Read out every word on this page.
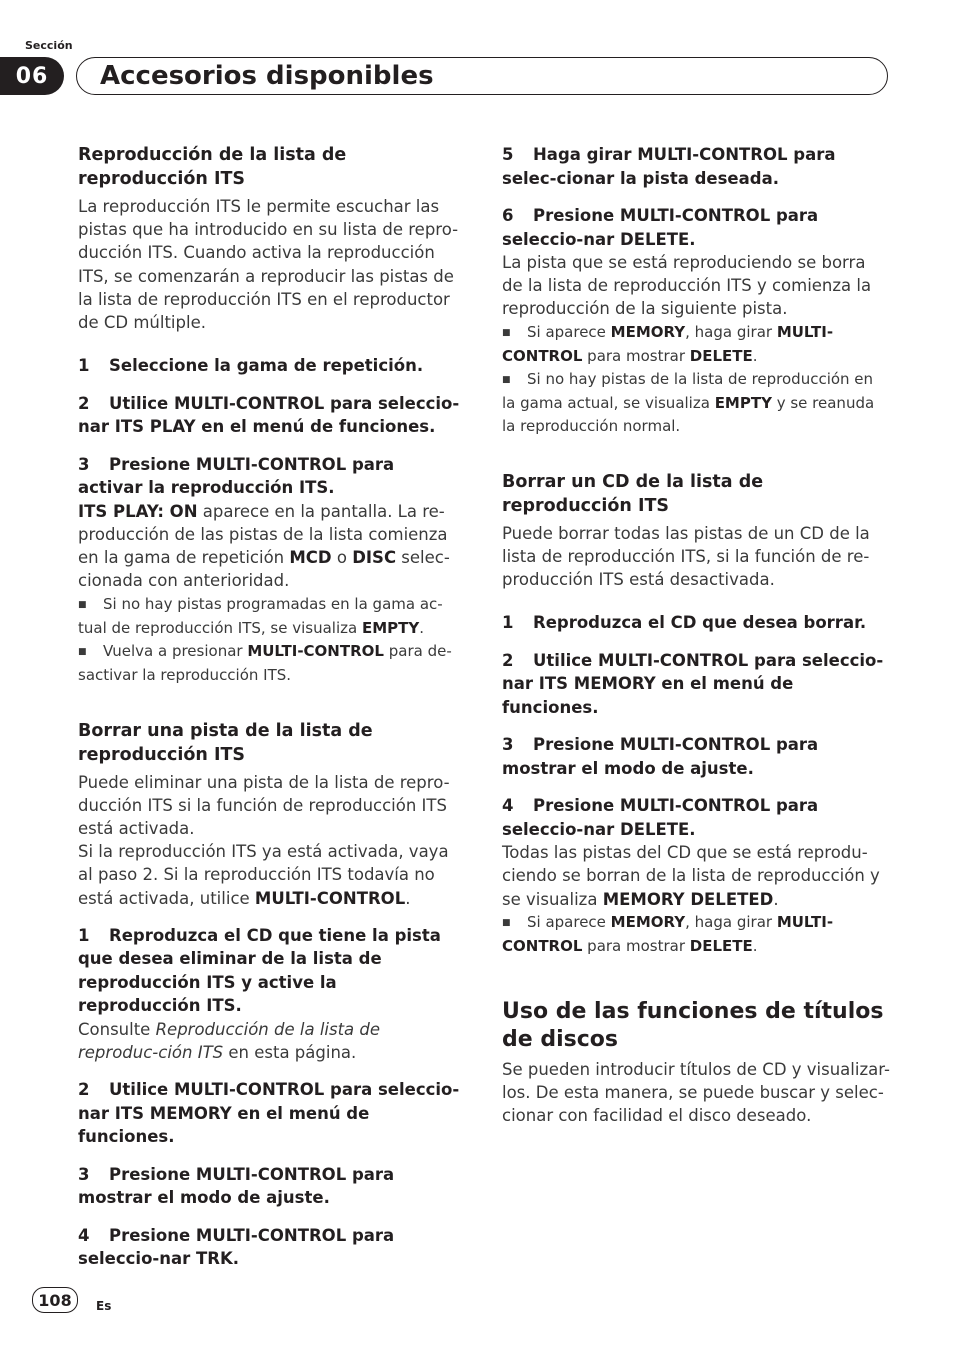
Sección
06	Accesorios disponibles
Reproducción de la lista de reproducción ITS

La reproducción ITS le permite escuchar las pistas que ha introducido en su lista de repro-ducción ITS. Cuando activa la reproducción ITS, se comenzarán a reproducir las pistas de la lista de reproducción ITS en el reproductor de CD múltiple.

1 Seleccione la gama de repetición.
2 Utilice MULTI-CONTROL para seleccio-nar ITS PLAY en el menú de funciones.
3 Presione MULTI-CONTROL para activar la reproducción ITS.

ITS PLAY: ON aparece en la pantalla. La re-producción de las pistas de la lista comienza en la gama de repetición MCD o DISC selec-cionada con anterioridad.

■ Si no hay pistas programadas en la gama ac-tual de reproducción ITS, se visualiza EMPTY.
■ Vuelva a presionar MULTI-CONTROL para de-sactivar la reproducción ITS.
Borrar una pista de la lista de reproducción ITS

Puede eliminar una pista de la lista de repro-ducción ITS si la función de reproducción ITS está activada.

Si la reproducción ITS ya está activada, vaya al paso 2. Si la reproducción ITS todavía no está activada, utilice MULTI-CONTROL.

1 Reproduzca el CD que tiene la pista que desea eliminar de la lista de reproducción ITS y active la reproducción ITS.

Consulte Reproducción de la lista de reproduc-ción ITS en esta página.

2 Utilice MULTI-CONTROL para seleccio-nar ITS MEMORY en el menú de funciones.
3 Presione MULTI-CONTROL para mostrar el modo de ajuste.
4 Presione MULTI-CONTROL para seleccio-nar TRK.
5 Haga girar MULTI-CONTROL para selec-cionar la pista deseada.
6 Presione MULTI-CONTROL para seleccio-nar DELETE.

La pista que se está reproduciendo se borra de la lista de reproducción ITS y comienza la reproducción de la siguiente pista.

■ Si aparece MEMORY, haga girar MULTI-CONTROL para mostrar DELETE.
■ Si no hay pistas de la lista de reproducción en la gama actual, se visualiza EMPTY y se reanuda la reproducción normal.
Borrar un CD de la lista de reproducción ITS

Puede borrar todas las pistas de un CD de la lista de reproducción ITS, si la función de re-producción ITS está desactivada.

1 Reproduzca el CD que desea borrar.
2 Utilice MULTI-CONTROL para seleccio-nar ITS MEMORY en el menú de funciones.
3 Presione MULTI-CONTROL para mostrar el modo de ajuste.
4 Presione MULTI-CONTROL para seleccio-nar DELETE.

Todas las pistas del CD que se está reprodu-ciendo se borran de la lista de reproducción y se visualiza MEMORY DELETED.

■ Si aparece MEMORY, haga girar MULTI-CONTROL para mostrar DELETE.
Uso de las funciones de títulos de discos

Se pueden introducir títulos de CD y visualizar-los. De esta manera, se puede buscar y selec-cionar con facilidad el disco deseado.

108	Es
